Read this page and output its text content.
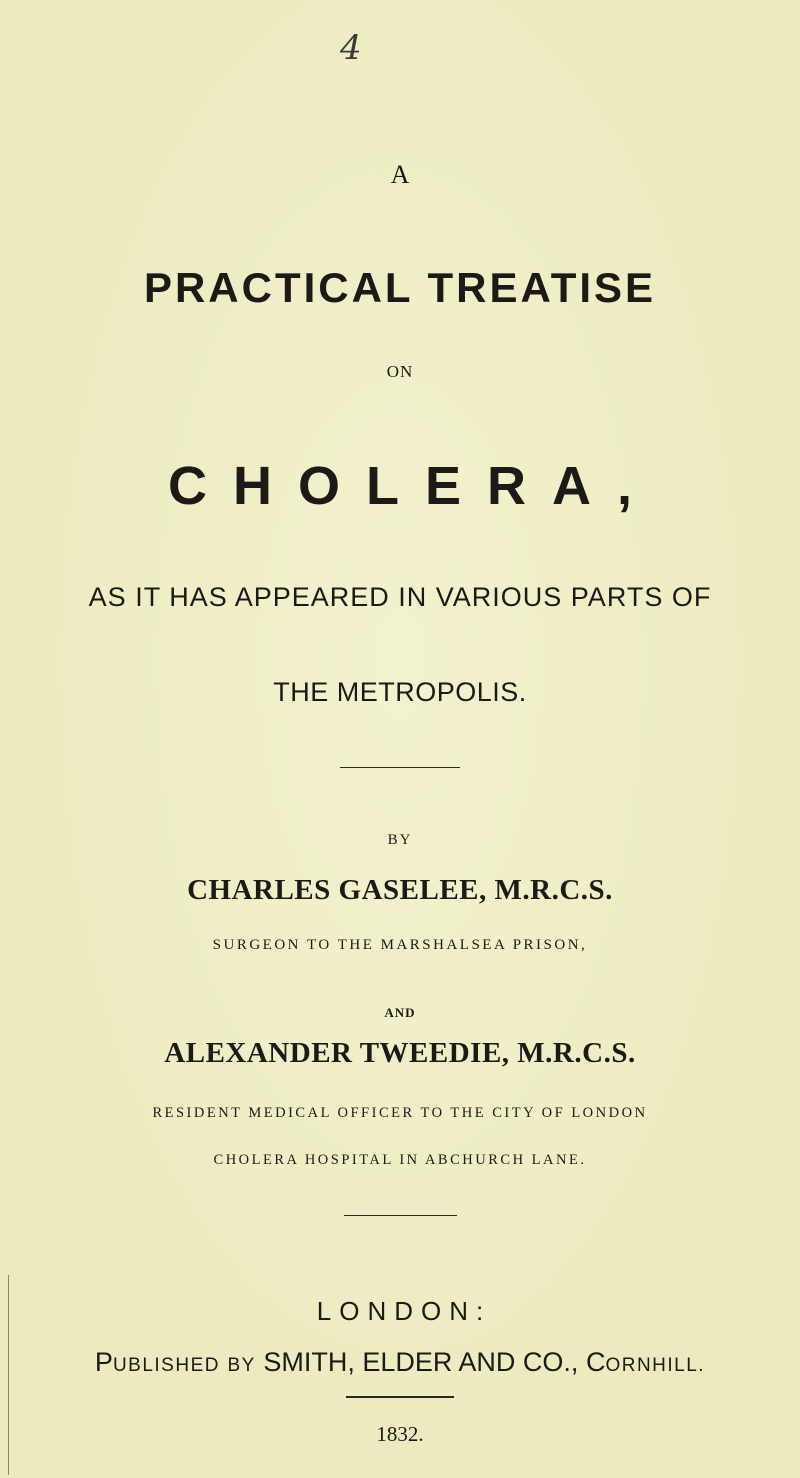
4
A
PRACTICAL TREATISE
ON
CHOLERA,
AS IT HAS APPEARED IN VARIOUS PARTS OF
THE METROPOLIS.
BY
CHARLES GASELEE, M.R.C.S.
SURGEON TO THE MARSHALSEA PRISON,
AND
ALEXANDER TWEEDIE, M.R.C.S.
RESIDENT MEDICAL OFFICER TO THE CITY OF LONDON
CHOLERA HOSPITAL IN ABCHURCH LANE.
LONDON:
PUBLISHED BY SMITH, ELDER AND CO., CORNHILL.
1832.
